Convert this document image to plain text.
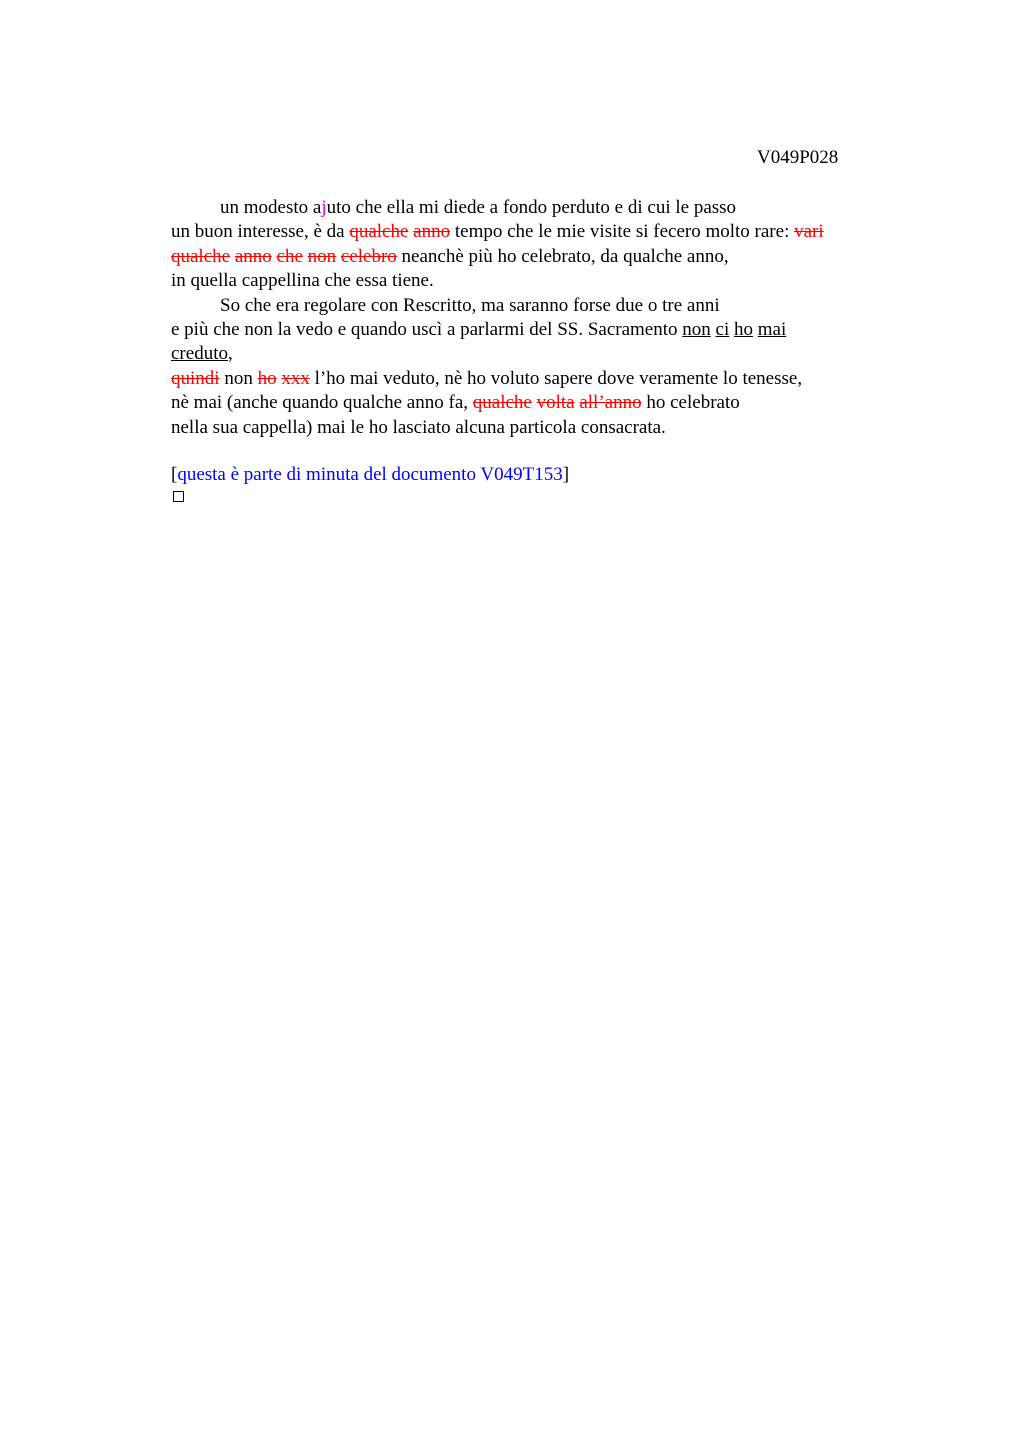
V049P028
un modesto ajuto che ella mi diede a fondo perduto e di cui le passo
un buon interesse, è da qualche anno tempo che le mie visite si fecero molto rare: vari
qualche anno che non celebro neanchè più ho celebrato, da qualche anno,
in quella cappellina che essa tiene.
So che era regolare con Rescritto, ma saranno forse due o tre anni
e più che non la vedo e quando uscì a parlarmi del SS. Sacramento non ci ho mai
creduto,
quindi non ho xxx l’ho mai veduto, nè ho voluto sapere dove veramente lo tenesse,
nè mai (anche quando qualche anno fa, qualche volta all’anno ho celebrato
nella sua cappella) mai le ho lasciato alcuna particola consacrata.
[questa è parte di minuta del documento V049T153]
